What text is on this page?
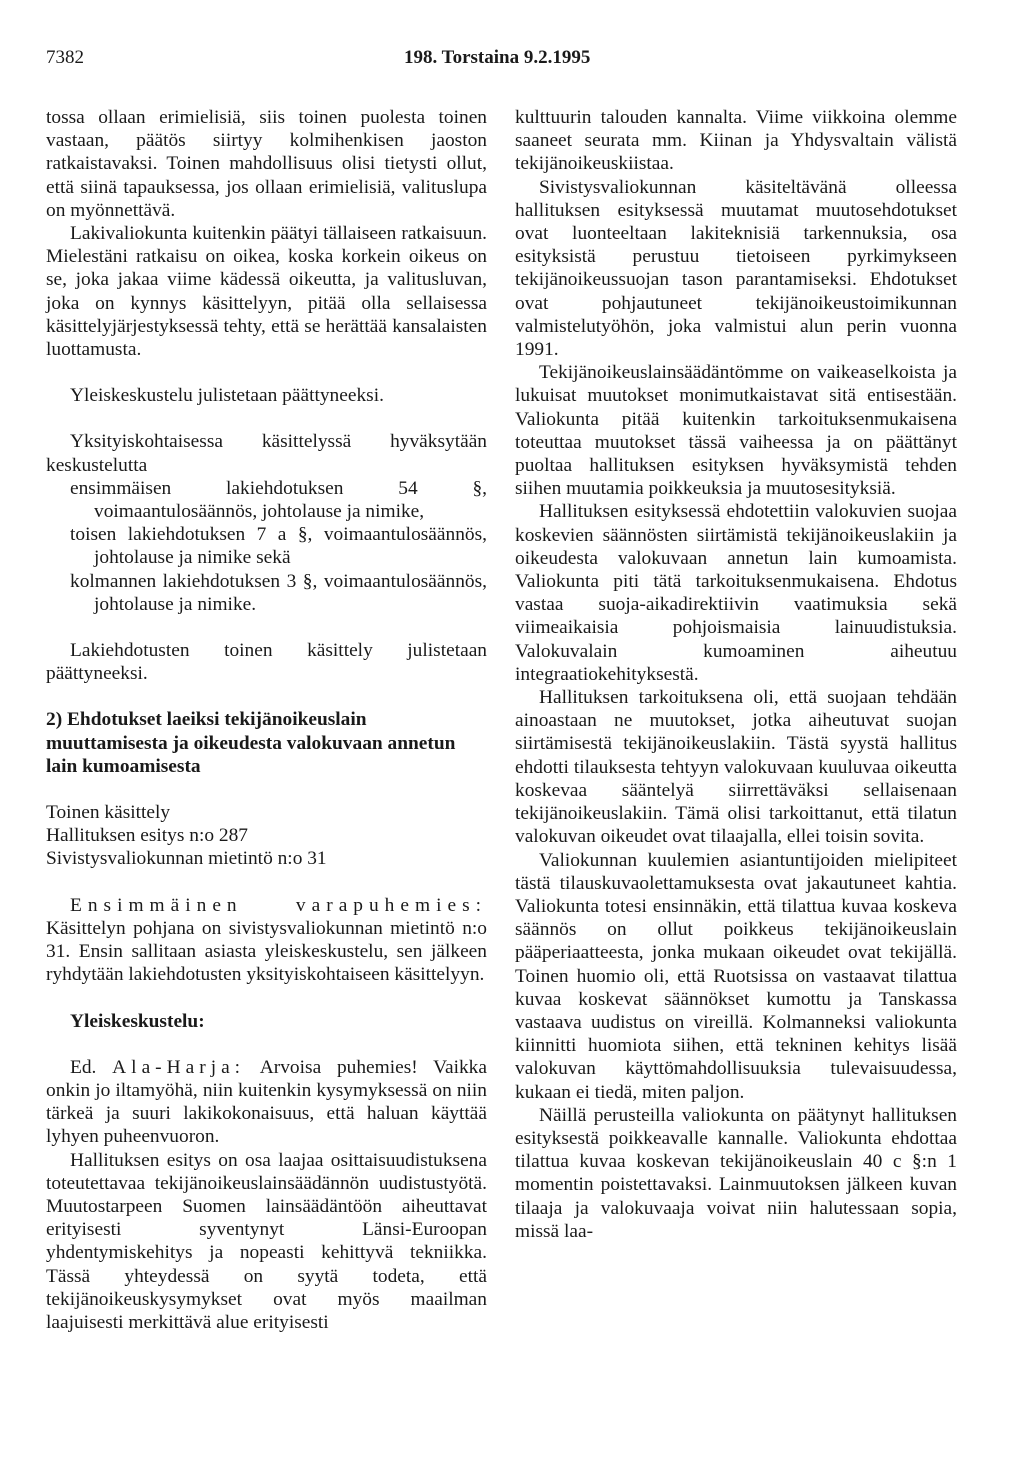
7382	198. Torstaina 9.2.1995

tossa ollaan erimielisiä, siis toinen puolesta toinen vastaan, päätös siirtyy kolmihenkisen jaoston ratkaistavaksi. Toinen mahdollisuus olisi tietysti ollut, että siinä tapauksessa, jos ollaan erimielisiä, valituslupa on myönnettävä.

Lakivaliokunta kuitenkin päätyi tällaiseen ratkaisuun. Mielestäni ratkaisu on oikea, koska korkein oikeus on se, joka jakaa viime kädessä oikeutta, ja valitusluvan, joka on kynnys käsittelyyn, pitää olla sellaisessa käsittelyjärjestyksessä tehty, että se herättää kansalaisten luottamusta.

Yleiskeskustelu julistetaan päättyneeksi.

Yksityiskohtaisessa käsittelyssä hyväksytään keskustelutta

ensimmäisen lakiehdotuksen 54 §, voimaantulosäännös, johtolause ja nimike,

toisen lakiehdotuksen 7 a §, voimaantulosäännös, johtolause ja nimike sekä

kolmannen lakiehdotuksen 3 §, voimaantulosäännös, johtolause ja nimike.

Lakiehdotusten toinen käsittely julistetaan päättyneeksi.

2) Ehdotukset laeiksi tekijänoikeuslain muuttamisesta ja oikeudesta valokuvaan annetun lain kumoamisesta

Toinen käsittely

Hallituksen esitys n:o 287

Sivistysvaliokunnan mietintö n:o 31

Ensimmäinen varapuhemies: Käsittelyn pohjana on sivistysvaliokunnan mietintö n:o 31. Ensin sallitaan asiasta yleiskeskustelu, sen jälkeen ryhdytään lakiehdotusten yksityiskohtaiseen käsittelyyn.

Yleiskeskustelu:

Ed. Ala-Harja: Arvoisa puhemies! Vaikka onkin jo iltamyöhä, niin kuitenkin kysymyksessä on niin tärkeä ja suuri lakikokonaisuus, että haluan käyttää lyhyen puheenvuoron.

Hallituksen esitys on osa laajaa osittaisuudistuksena toteutettavaa tekijänoikeuslainsäädännön uudistustyötä. Muutostarpeen Suomen lainsäädäntöön aiheuttavat erityisesti syventynyt Länsi-Euroopan yhdentymiskehitys ja nopeasti kehittyvä tekniikka. Tässä yhteydessä on syytä todeta, että tekijänoikeuskysymykset ovat myös maailman laajuisesti merkittävä alue erityisesti

kulttuurin talouden kannalta. Viime viikkoina olemme saaneet seurata mm. Kiinan ja Yhdysvaltain välistä tekijänoikeuskiistaa.

Sivistysvaliokunnan käsiteltävänä olleessa hallituksen esityksessä muutamat muutosehdotukset ovat luonteeltaan lakiteknisiä tarkennuksia, osa esityksistä perustuu tietoiseen pyrkimykseen tekijänoikeussuojan tason parantamiseksi. Ehdotukset ovat pohjautuneet tekijänoikeustoimikunnan valmistelutyöhön, joka valmistui alun perin vuonna 1991.

Tekijänoikeuslainsäädäntömme on vaikeaselkoista ja lukuisat muutokset monimutkaistavat sitä entisestään. Valiokunta pitää kuitenkin tarkoituksenmukaisena toteuttaa muutokset tässä vaiheessa ja on päättänyt puoltaa hallituksen esityksen hyväksymistä tehden siihen muutamia poikkeuksia ja muutosesityksiä.

Hallituksen esityksessä ehdotettiin valokuvien suojaa koskevien säännösten siirtämistä tekijänoikeuslakiin ja oikeudesta valokuvaan annetun lain kumoamista. Valiokunta piti tätä tarkoituksenmukaisena. Ehdotus vastaa suoja-aikadirektiivin vaatimuksia sekä viimeaikaisia pohjoismaisia lainuudistuksia. Valokuvalain kumoaminen aiheutuu integraatiokehityksestä.

Hallituksen tarkoituksena oli, että suojaan tehdään ainoastaan ne muutokset, jotka aiheutuvat suojan siirtämisestä tekijänoikeuslakiin. Tästä syystä hallitus ehdotti tilauksesta tehtyyn valokuvaan kuuluvaa oikeutta koskevaa sääntelyä siirrettäväksi sellaisenaan tekijänoikeuslakiin. Tämä olisi tarkoittanut, että tilatun valokuvan oikeudet ovat tilaajalla, ellei toisin sovita.

Valiokunnan kuulemien asiantuntijoiden mielipiteet tästä tilauskuvaolettamuksesta ovat jakautuneet kahtia. Valiokunta totesi ensinnäkin, että tilattua kuvaa koskeva säännös on ollut poikkeus tekijänoikeuslain pääperiaatteesta, jonka mukaan oikeudet ovat tekijällä. Toinen huomio oli, että Ruotsissa on vastaavat tilattua kuvaa koskevat säännökset kumottu ja Tanskassa vastaava uudistus on vireillä. Kolmanneksi valiokunta kiinnitti huomiota siihen, että tekninen kehitys lisää valokuvan käyttömahdollisuuksia tulevaisuudessa, kukaan ei tiedä, miten paljon.

Näillä perusteilla valiokunta on päätynyt hallituksen esityksestä poikkeavalle kannalle. Valiokunta ehdottaa tilattua kuvaa koskevan tekijänoikeuslain 40 c §:n 1 momentin poistettavaksi. Lainmuutoksen jälkeen kuvan tilaaja ja valokuvaaja voivat niin halutessaan sopia, missä laa-
